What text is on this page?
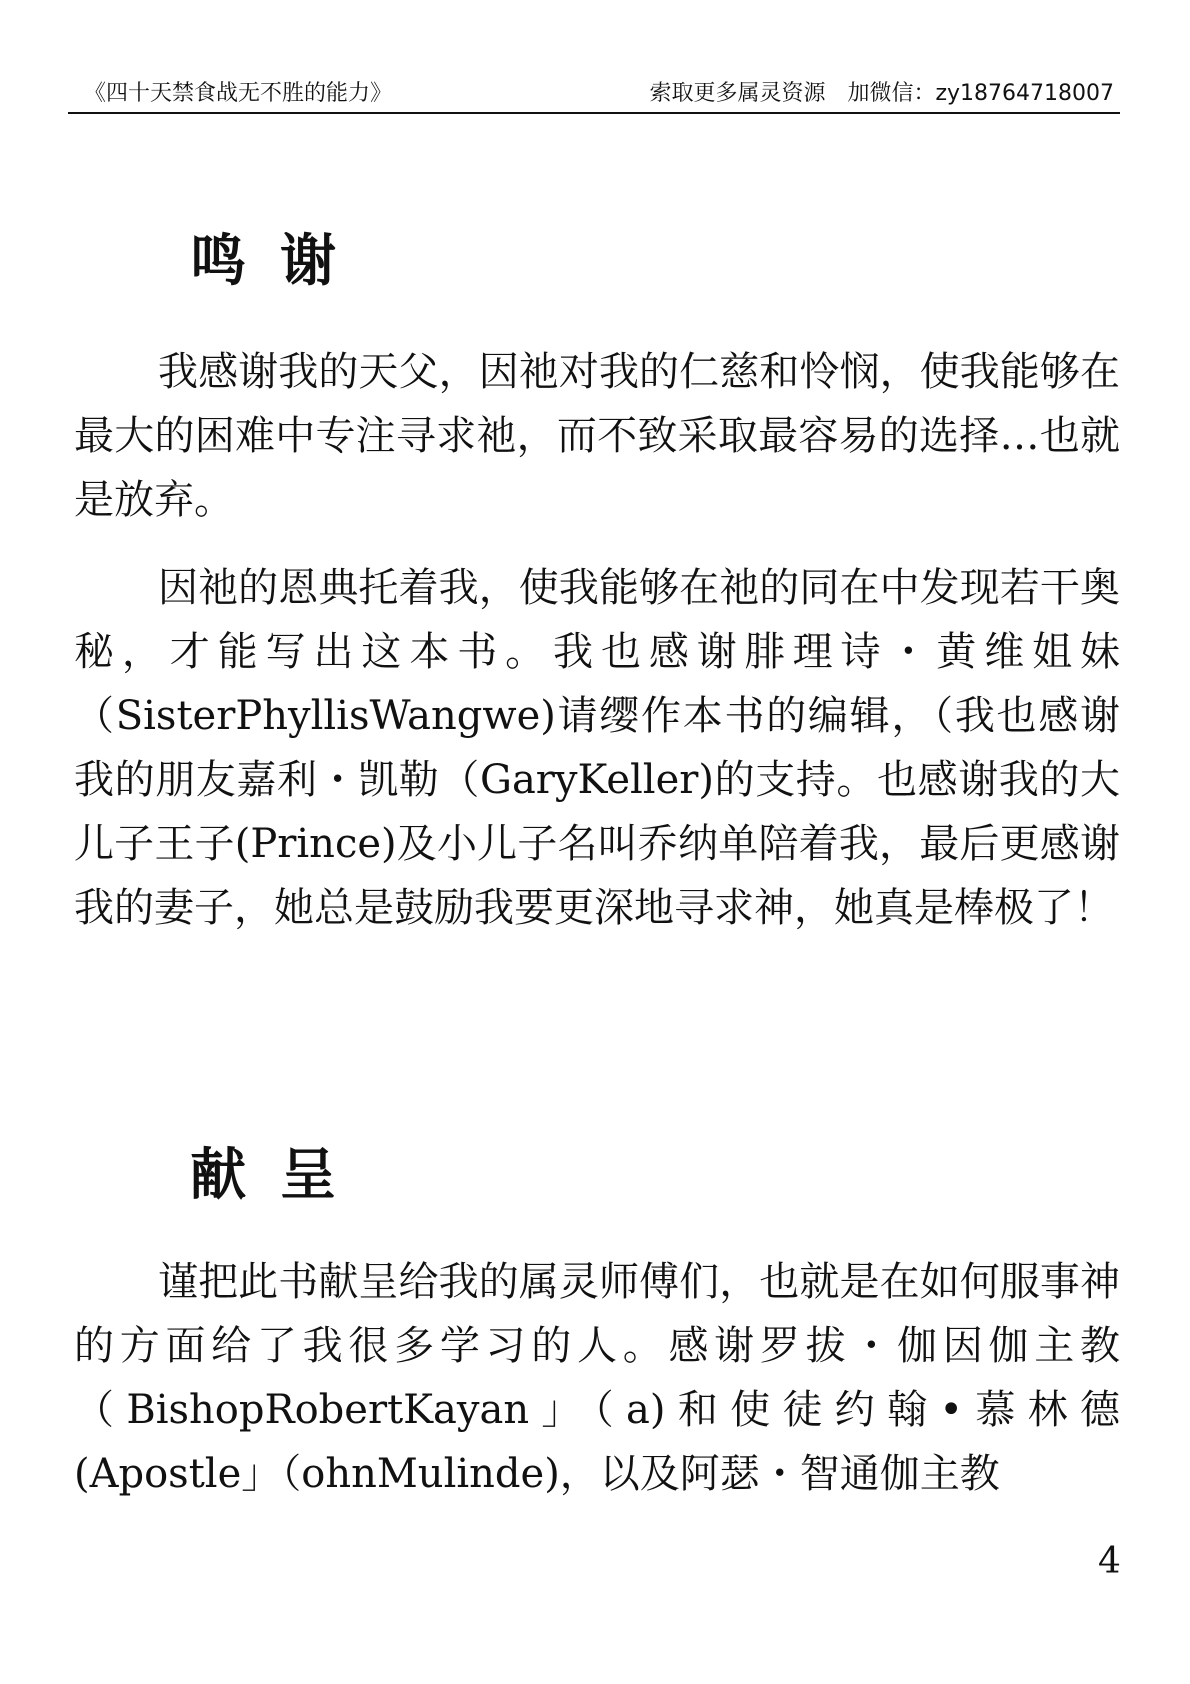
《四十天禁食战无不胜的能力》	索取更多属灵资源　加微信：zy18764718007
鸣谢

我感谢我的天父，因祂对我的仁慈和怜悯，使我能够在最大的困难中专注寻求祂，而不致采取最容易的选择…也就是放弃。

因祂的恩典托着我，使我能够在祂的同在中发现若干奥秘，才能写出这本书。我也感谢腓理诗・黄维姐妹（SisterPhyllisWangwe)请缨作本书的编辑，（我也感谢我的朋友嘉利・凯勒（GaryKeller)的支持。也感谢我的大儿子王子(Prince)及小儿子名叫乔纳单陪着我，最后更感谢我的妻子，她总是鼓励我要更深地寻求神，她真是棒极了！

献呈

谨把此书献呈给我的属灵师傅们，也就是在如何服事神的方面给了我很多学习的人。感谢罗拔・伽因伽主教（BishopRobertKayan」（a)和使徒约翰•慕林德(Apostle」（ohnMulinde)，以及阿瑟・智通伽主教

4
